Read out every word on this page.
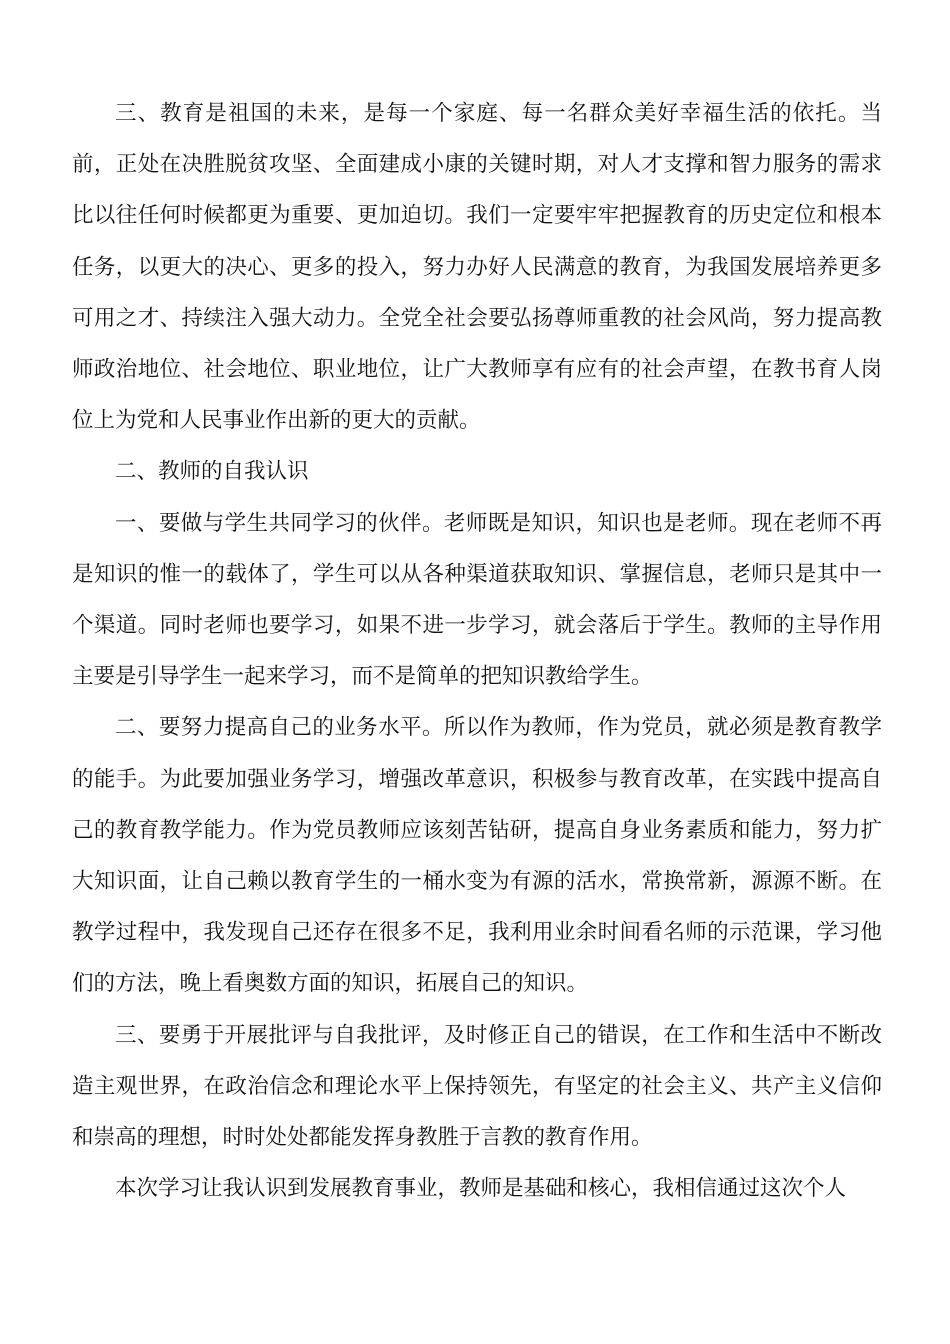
三、教育是祖国的未来，是每一个家庭、每一名群众美好幸福生活的依托。当前，正处在决胜脱贫攻坚、全面建成小康的关键时期，对人才支撑和智力服务的需求比以往任何时候都更为重要、更加迫切。我们一定要牢牢把握教育的历史定位和根本任务，以更大的决心、更多的投入，努力办好人民满意的教育，为我国发展培养更多可用之才、持续注入强大动力。全党全社会要弘扬尊师重教的社会风尚，努力提高教师政治地位、社会地位、职业地位，让广大教师享有应有的社会声望，在教书育人岗位上为党和人民事业作出新的更大的贡献。

二、教师的自我认识

一、要做与学生共同学习的伙伴。老师既是知识，知识也是老师。现在老师不再是知识的惟一的载体了，学生可以从各种渠道获取知识、掌握信息，老师只是其中一个渠道。同时老师也要学习，如果不进一步学习，就会落后于学生。教师的主导作用主要是引导学生一起来学习，而不是简单的把知识教给学生。

二、要努力提高自己的业务水平。所以作为教师，作为党员，就必须是教育教学的能手。为此要加强业务学习，增强改革意识，积极参与教育改革，在实践中提高自己的教育教学能力。作为党员教师应该刻苦钻研，提高自身业务素质和能力，努力扩大知识面，让自己赖以教育学生的一桶水变为有源的活水，常换常新，源源不断。在教学过程中，我发现自己还存在很多不足，我利用业余时间看名师的示范课，学习他们的方法，晚上看奥数方面的知识，拓展自己的知识。

三、要勇于开展批评与自我批评，及时修正自己的错误，在工作和生活中不断改造主观世界，在政治信念和理论水平上保持领先，有坚定的社会主义、共产主义信仰和崇高的理想，时时处处都能发挥身教胜于言教的教育作用。

本次学习让我认识到发展教育事业，教师是基础和核心，我相信通过这次个人
